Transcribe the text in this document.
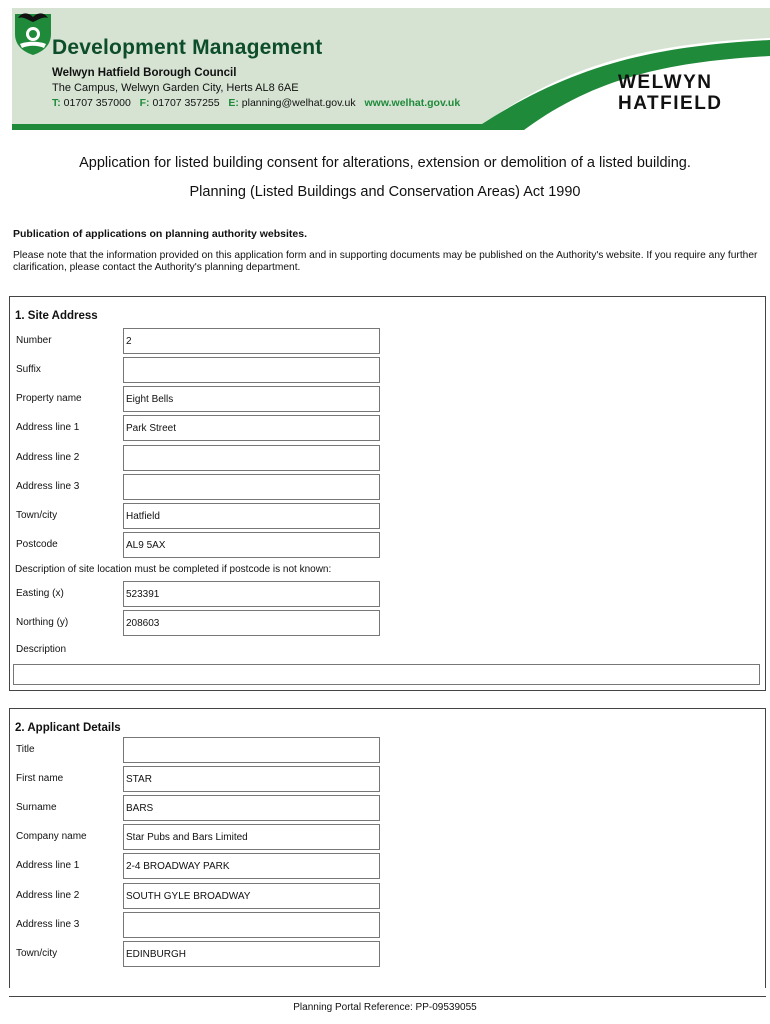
Development Management
Welwyn Hatfield Borough Council
The Campus, Welwyn Garden City, Herts AL8 6AE
T: 01707 357000 F: 01707 357255 E: planning@welhat.gov.uk www.welhat.gov.uk
WELWYN
HATFIELD
Application for listed building consent for alterations, extension or demolition of a listed building.
Planning (Listed Buildings and Conservation Areas) Act 1990
Publication of applications on planning authority websites.
Please note that the information provided on this application form and in supporting documents may be published on the Authority's website. If you require any further clarification, please contact the Authority's planning department.
1. Site Address
Number	2
Suffix
Property name	Eight Bells
Address line 1	Park Street
Address line 2
Address line 3
Town/city	Hatfield
Postcode	AL9 5AX
Description of site location must be completed if postcode is not known:
Easting (x)	523391
Northing (y)	208603
Description
2. Applicant Details
Title
First name	STAR
Surname	BARS
Company name	Star Pubs and Bars Limited
Address line 1	2-4 BROADWAY PARK
Address line 2	SOUTH GYLE BROADWAY
Address line 3
Town/city	EDINBURGH
Planning Portal Reference: PP-09539055
